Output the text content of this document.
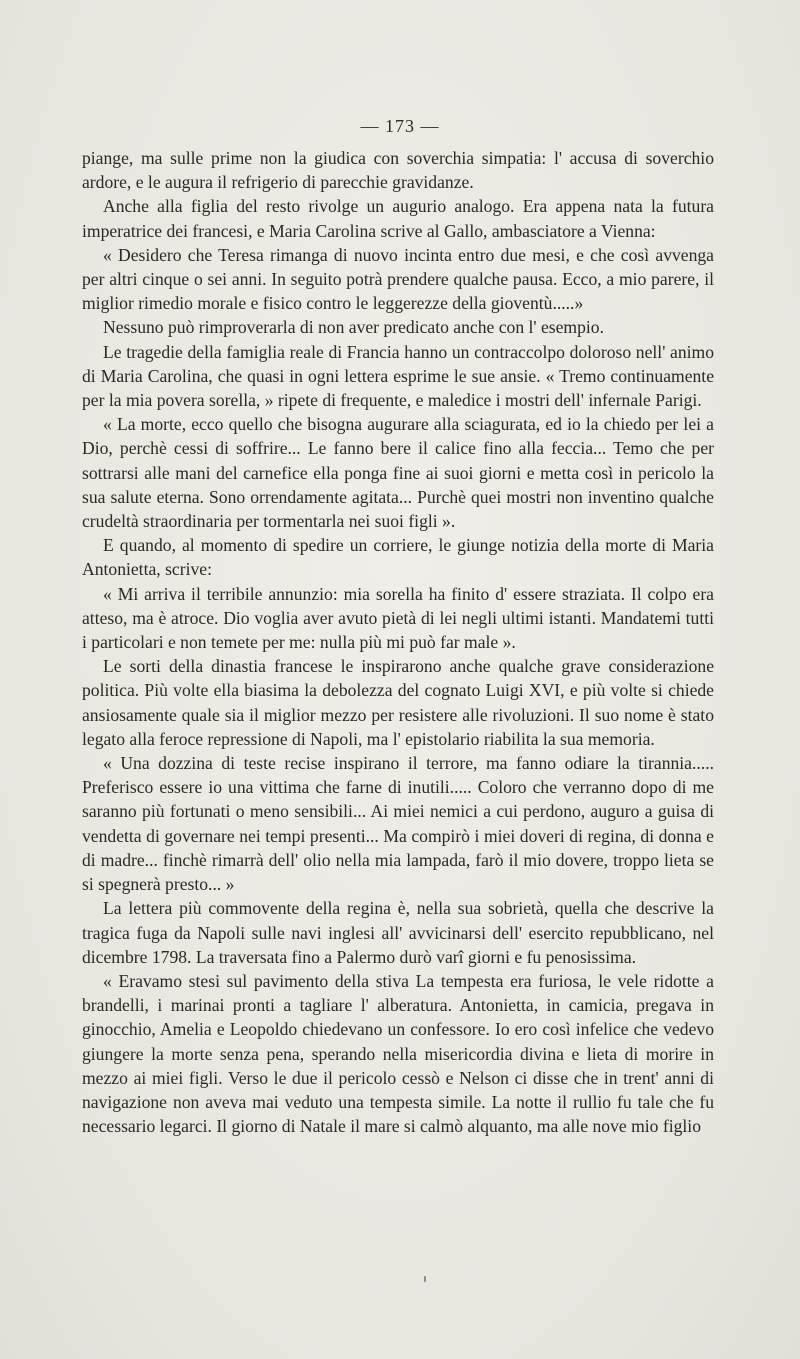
— 173 —

piange, ma sulle prime non la giudica con soverchia simpatia: l' accusa di soverchio ardore, e le augura il refrigerio di parecchie gravidanze.

Anche alla figlia del resto rivolge un augurio analogo. Era appena nata la futura imperatrice dei francesi, e Maria Carolina scrive al Gallo, ambasciatore a Vienna:

« Desidero che Teresa rimanga di nuovo incinta entro due mesi, e che così avvenga per altri cinque o sei anni. In seguito potrà prendere qualche pausa. Ecco, a mio parere, il miglior rimedio morale e fisico contro le leggerezze della gioventù.....»

Nessuno può rimproverarla di non aver predicato anche con l' esempio.

Le tragedie della famiglia reale di Francia hanno un contraccolpo doloroso nell' animo di Maria Carolina, che quasi in ogni lettera esprime le sue ansie. « Tremo continuamente per la mia povera sorella, » ripete di frequente, e maledice i mostri dell' infernale Parigi.

« La morte, ecco quello che bisogna augurare alla sciagurata, ed io la chiedo per lei a Dio, perchè cessi di soffrire... Le fanno bere il calice fino alla feccia... Temo che per sottrarsi alle mani del carnefice ella ponga fine ai suoi giorni e metta così in pericolo la sua salute eterna. Sono orrendamente agitata... Purchè quei mostri non inventino qualche crudeltà straordinaria per tormentarla nei suoi figli ».

E quando, al momento di spedire un corriere, le giunge notizia della morte di Maria Antonietta, scrive:

« Mi arriva il terribile annunzio: mia sorella ha finito d' essere straziata. Il colpo era atteso, ma è atroce. Dio voglia aver avuto pietà di lei negli ultimi istanti. Mandatemi tutti i particolari e non temete per me: nulla più mi può far male ».

Le sorti della dinastia francese le inspirarono anche qualche grave considerazione politica. Più volte ella biasima la debolezza del cognato Luigi XVI, e più volte si chiede ansiosamente quale sia il miglior mezzo per resistere alle rivoluzioni. Il suo nome è stato legato alla feroce repressione di Napoli, ma l' epistolario riabilita la sua memoria.

« Una dozzina di teste recise inspirano il terrore, ma fanno odiare la tirannia..... Preferisco essere io una vittima che farne di inutili..... Coloro che verranno dopo di me saranno più fortunati o meno sensibili... Ai miei nemici a cui perdono, auguro a guisa di vendetta di governare nei tempi presenti... Ma compirò i miei doveri di regina, di donna e di madre... finchè rimarrà dell' olio nella mia lampada, farò il mio dovere, troppo lieta se si spegnerà presto... »

La lettera più commovente della regina è, nella sua sobrietà, quella che descrive la tragica fuga da Napoli sulle navi inglesi all' avvicinarsi dell' esercito repubblicano, nel dicembre 1798. La traversata fino a Palermo durò varî giorni e fu penosissima.

« Eravamo stesi sul pavimento della stiva La tempesta era furiosa, le vele ridotte a brandelli, i marinai pronti a tagliare l' alberatura. Antonietta, in camicia, pregava in ginocchio, Amelia e Leopoldo chiedevano un confessore. Io ero così infelice che vedevo giungere la morte senza pena, sperando nella misericordia divina e lieta di morire in mezzo ai miei figli. Verso le due il pericolo cessò e Nelson ci disse che in trent' anni di navigazione non aveva mai veduto una tempesta simile. La notte il rullio fu tale che fu necessario legarci. Il giorno di Natale il mare si calmò alquanto, ma alle nove mio figlio
